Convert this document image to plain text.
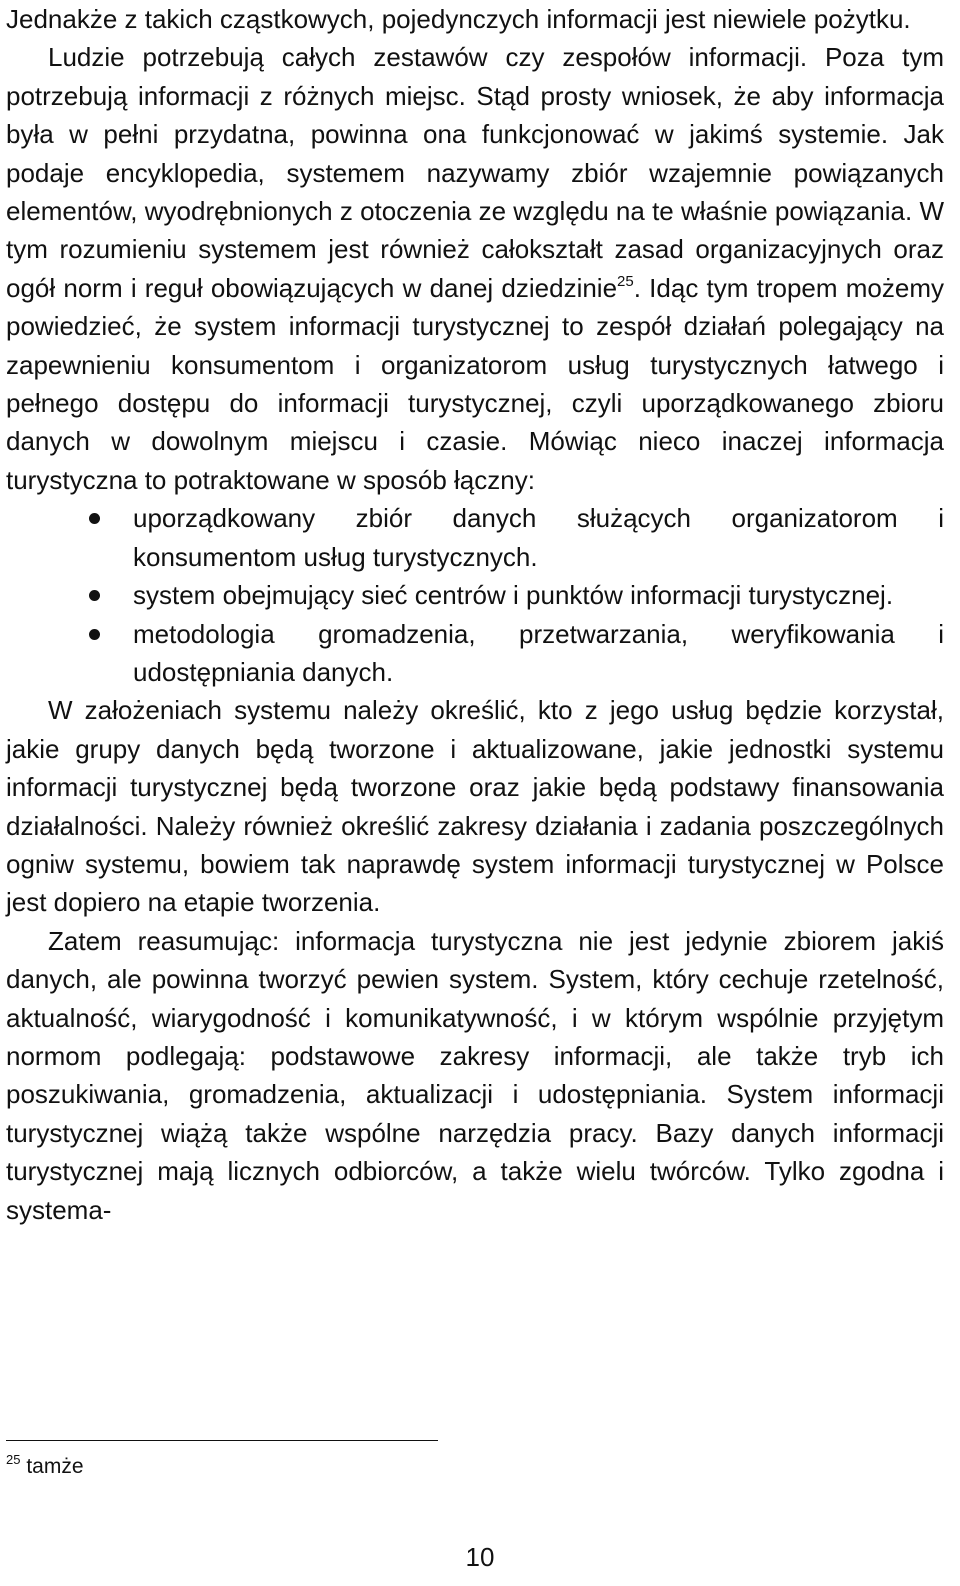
Jednakże z takich cząstkowych, pojedynczych informacji jest niewiele pożytku.

Ludzie potrzebują całych zestawów czy zespołów informacji. Poza tym potrzebują informacji z różnych miejsc. Stąd prosty wniosek, że aby informacja była w pełni przydatna, powinna ona funkcjonować w jakimś systemie. Jak podaje encyklopedia, systemem nazywamy zbiór wzajemnie powiązanych elementów, wyodrębnionych z otoczenia ze względu na te właśnie powiązania. W tym rozumieniu systemem jest również całokształt zasad organizacyjnych oraz ogół norm i reguł obowiązujących w danej dziedzinie$^{25}$. Idąc tym tropem możemy powiedzieć, że system informacji turystycznej to zespół działań polegający na zapewnieniu konsumentom i organizatorom usług turystycznych łatwego i pełnego dostępu do informacji turystycznej, czyli uporządkowanego zbioru danych w dowolnym miejscu i czasie. Mówiąc nieco inaczej informacja turystyczna to potraktowane w sposób łączny:

uporządkowany zbiór danych służących organizatorom i konsumentom usług turystycznych.
system obejmujący sieć centrów i punktów informacji turystycznej.
metodologia gromadzenia, przetwarzania, weryfikowania i udostępniania danych.

W założeniach systemu należy określić, kto z jego usług będzie korzystał, jakie grupy danych będą tworzone i aktualizowane, jakie jednostki systemu informacji turystycznej będą tworzone oraz jakie będą podstawy finansowania działalności. Należy również określić zakresy działania i zadania poszczególnych ogniw systemu, bowiem tak naprawdę system informacji turystycznej w Polsce jest dopiero na etapie tworzenia.

Zatem reasumując: informacja turystyczna nie jest jedynie zbiorem jakiś danych, ale powinna tworzyć pewien system. System, który cechuje rzetelność, aktualność, wiarygodność i komunikatywność, i w którym wspólnie przyjętym normom podlegają: podstawowe zakresy informacji, ale także tryb ich poszukiwania, gromadzenia, aktualizacji i udostępniania. System informacji turystycznej wiążą także wspólne narzędzia pracy. Bazy danych informacji turystycznej mają licznych odbiorców, a także wielu twórców. Tylko zgodna i systema-

$^{25}$ tamże
10
